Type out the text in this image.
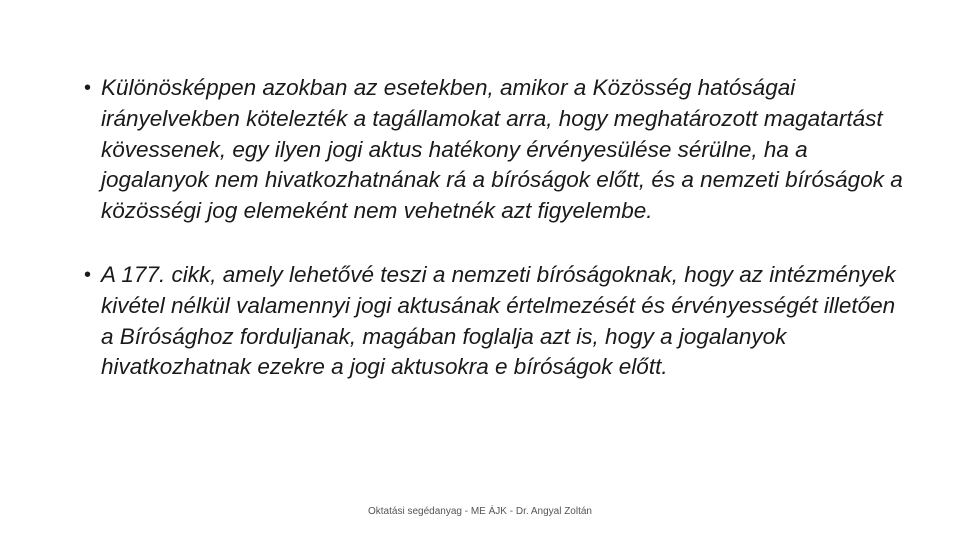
• Különösképpen azokban az esetekben, amikor a Közösség hatóságai irányelvekben kötelezték a tagállamokat arra, hogy meghatározott magatartást kövessenek, egy ilyen jogi aktus hatékony érvényesülése sérülne, ha a jogalanyok nem hivatkozhatnának rá a bíróságok előtt, és a nemzeti bíróságok a közösségi jog elemeként nem vehetnék azt figyelembe.
• A 177. cikk, amely lehetővé teszi a nemzeti bíróságoknak, hogy az intézmények kivétel nélkül valamennyi jogi aktusának értelmezését és érvényességét illetően a Bírósághoz forduljanak, magában foglalja azt is, hogy a jogalanyok hivatkozhatnak ezekre a jogi aktusokra e bíróságok előtt.
Oktatási segédanyag - ME ÁJK - Dr. Angyal Zoltán
